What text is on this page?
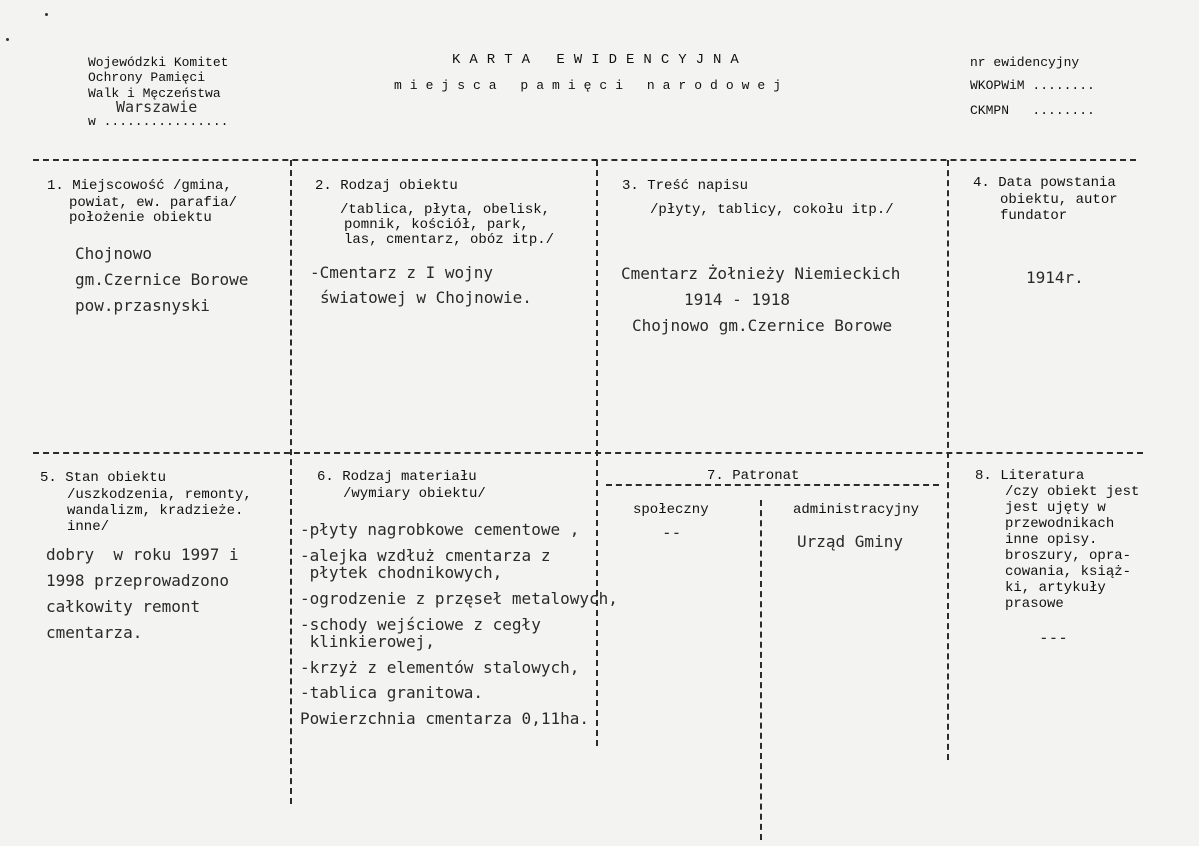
Wojewódzki Komitet
Ochrony Pamięci
Walk i Męczeństwa
Warszawie
w ................
KARTA EWIDENCYJNA
miejsca pamięci narodowej
nr ewidencyjny
WKOPWiM ........
CKMPN   ........
1. Miejscowość /gmina,
powiat, ew. parafia/
położenie obiektu
Chojnowo
gm.Czernice Borowe
pow.przasnyski
2. Rodzaj obiektu
/tablica, płyta, obelisk,
pomnik, kościół, park,
las, cmentarz, obóz itp./
-Cmentarz z I wojny
światowej w Chojnowie.
3. Treść napisu
/płyty, tablicy, cokołu itp./
Cmentarz Żołnieży Niemieckich
1914 - 1918
Chojnowo gm.Czernice Borowe
4. Data powstania
obiektu, autor
fundator
1914r.
5. Stan obiektu
/uszkodzenia, remonty,
wandalizm, kradzieże.
inne/
dobry  w roku 1997 i
1998 przeprowadzono
całkowity remont
cmentarza.
6. Rodzaj materiału
/wymiary obiektu/
-płyty nagrobkowe cementowe ,
-alejka wzdłuż cmentarza z
płytek chodnikowych,
-ogrodzenie z przęseł metalowych,
-schody wejściowe z cegły
klinkierowej,
-krzyż z elementów stalowych,
-tablica granitowa.
Powierzchnia cmentarza 0,11ha.
7. Patronat
społeczny
--
administracyjny
Urząd Gminy
8. Literatura
/czy obiekt jest
jest ujęty w
przewodnikach
inne opisy.
broszury, opra-
cowania, książ-
ki, artykuły
prasowe
---
